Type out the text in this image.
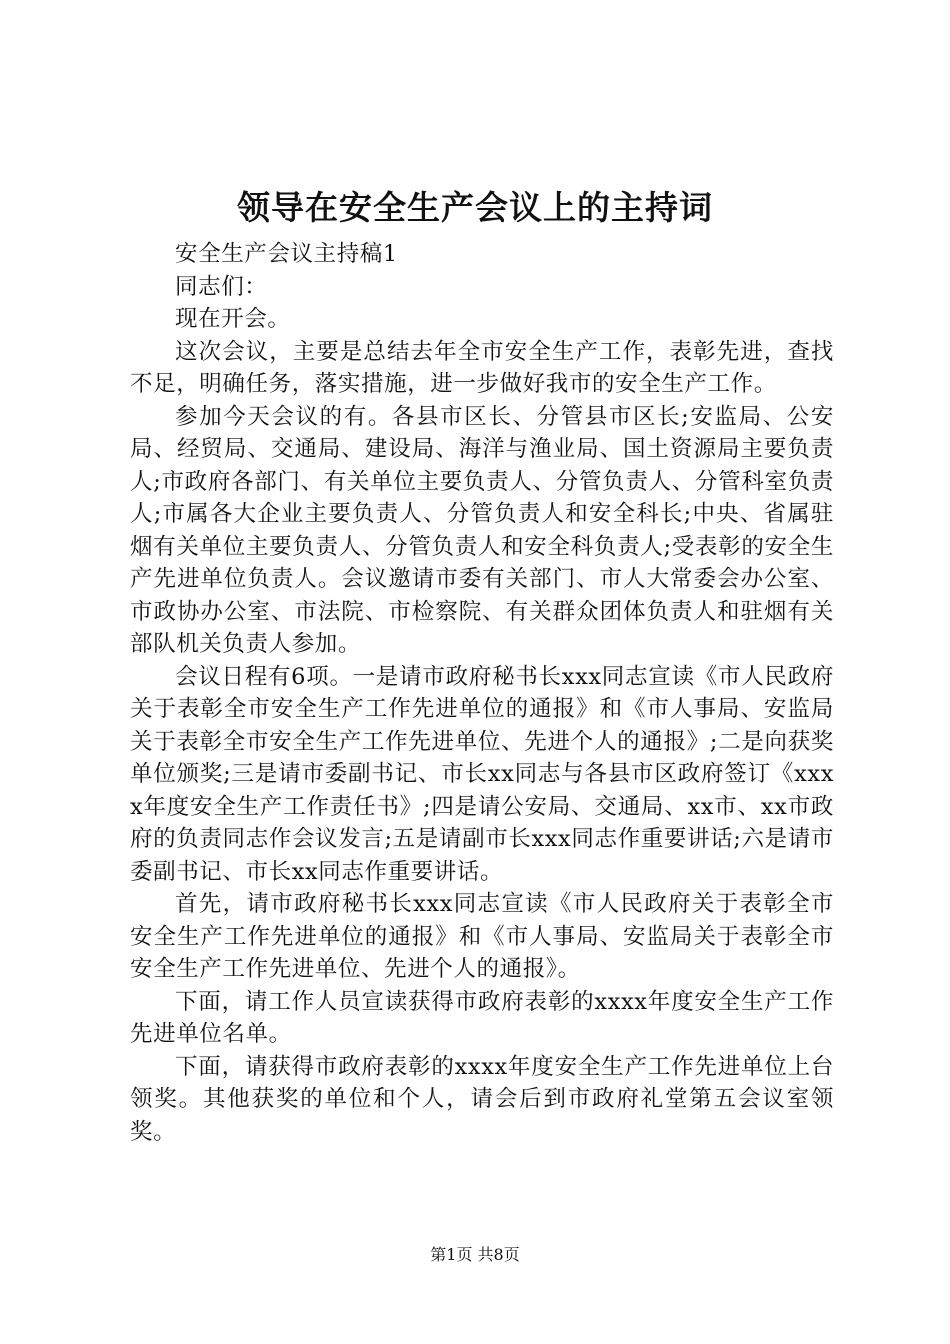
领导在安全生产会议上的主持词

安全生产会议主持稿1

同志们：

现在开会。

这次会议，主要是总结去年全市安全生产工作，表彰先进，查找不足，明确任务，落实措施，进一步做好我市的安全生产工作。

参加今天会议的有。各县市区长、分管县市区长;安监局、公安局、经贸局、交通局、建设局、海洋与渔业局、国土资源局主要负责人;市政府各部门、有关单位主要负责人、分管负责人、分管科室负责人;市属各大企业主要负责人、分管负责人和安全科长;中央、省属驻烟有关单位主要负责人、分管负责人和安全科负责人;受表彰的安全生产先进单位负责人。会议邀请市委有关部门、市人大常委会办公室、市政协办公室、市法院、市检察院、有关群众团体负责人和驻烟有关部队机关负责人参加。

会议日程有6项。一是请市政府秘书长xxx同志宣读《市人民政府关于表彰全市安全生产工作先进单位的通报》和《市人事局、安监局关于表彰全市安全生产工作先进单位、先进个人的通报》;二是向获奖单位颁奖;三是请市委副书记、市长xx同志与各县市区政府签订《xxxx年度安全生产工作责任书》;四是请公安局、交通局、xx市、xx市政府的负责同志作会议发言;五是请副市长xxx同志作重要讲话;六是请市委副书记、市长xx同志作重要讲话。

首先，请市政府秘书长xxx同志宣读《市人民政府关于表彰全市安全生产工作先进单位的通报》和《市人事局、安监局关于表彰全市安全生产工作先进单位、先进个人的通报》。

下面，请工作人员宣读获得市政府表彰的xxxx年度安全生产工作先进单位名单。

下面，请获得市政府表彰的xxxx年度安全生产工作先进单位上台领奖。其他获奖的单位和个人，请会后到市政府礼堂第五会议室领奖。

第1页 共8页
